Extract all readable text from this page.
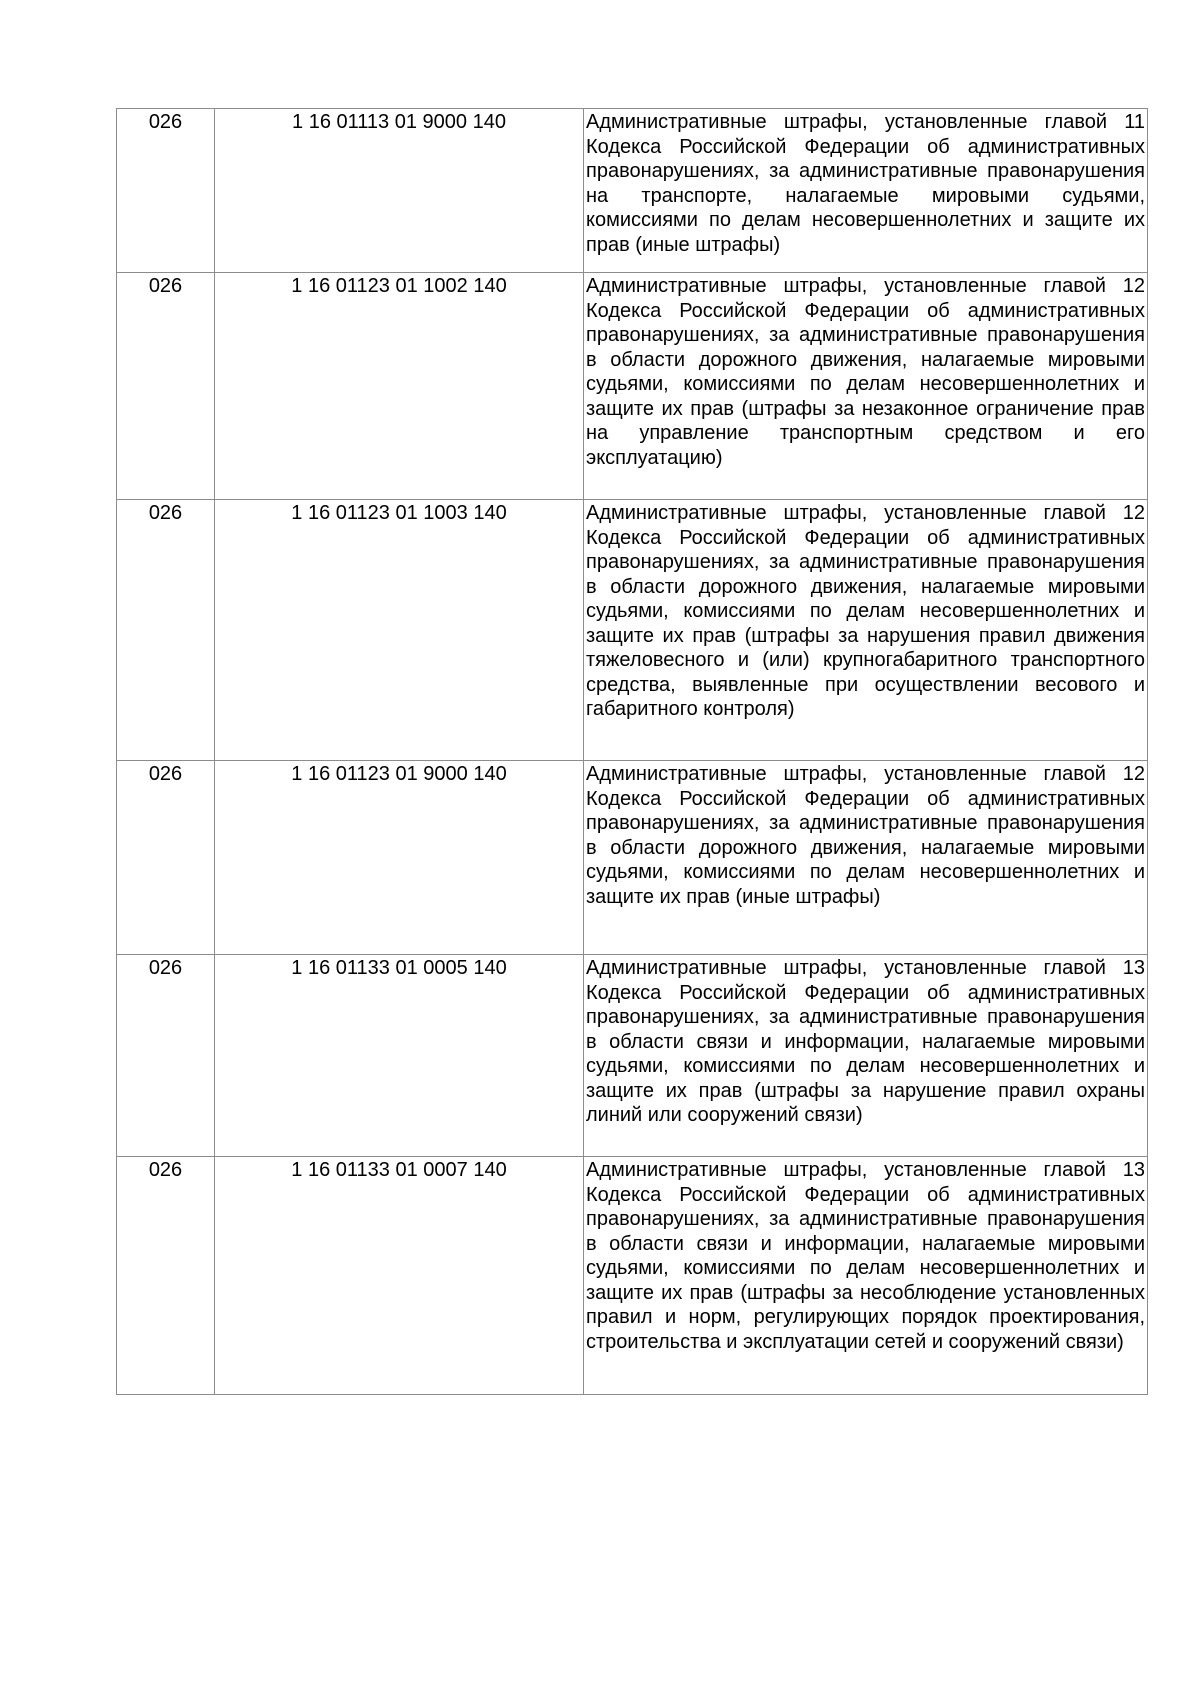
026	1 16 01113 01 9000 140	Административные штрафы, установленные главой 11 Кодекса Российской Федерации об административных правонарушениях, за административные правонарушения на транспорте, налагаемые мировыми судьями, комиссиями по делам несовершеннолетних и защите их прав (иные штрафы)
026	1 16 01123 01 1002 140	Административные штрафы, установленные главой 12 Кодекса Российской Федерации об административных правонарушениях, за административные правонарушения в области дорожного движения, налагаемые мировыми судьями, комиссиями по делам несовершеннолетних и защите их прав (штрафы за незаконное ограничение прав на управление транспортным средством и его эксплуатацию)
026	1 16 01123 01 1003 140	Административные штрафы, установленные главой 12 Кодекса Российской Федерации об административных правонарушениях, за административные правонарушения в области дорожного движения, налагаемые мировыми судьями, комиссиями по делам несовершеннолетних и защите их прав (штрафы за нарушения правил движения тяжеловесного и (или) крупногабаритного транспортного средства, выявленные при осуществлении весового и габаритного контроля)
026	1 16 01123 01 9000 140	Административные штрафы, установленные главой 12 Кодекса Российской Федерации об административных правонарушениях, за административные правонарушения в области дорожного движения, налагаемые мировыми судьями, комиссиями по делам несовершеннолетних и защите их прав (иные штрафы)
026	1 16 01133 01 0005 140	Административные штрафы, установленные главой 13 Кодекса Российской Федерации об административных правонарушениях, за административные правонарушения в области связи и информации, налагаемые мировыми судьями, комиссиями по делам несовершеннолетних и защите их прав (штрафы за нарушение правил охраны линий или сооружений связи)
026	1 16 01133 01 0007 140	Административные штрафы, установленные главой 13 Кодекса Российской Федерации об административных правонарушениях, за административные правонарушения в области связи и информации, налагаемые мировыми судьями, комиссиями по делам несовершеннолетних и защите их прав (штрафы за несоблюдение установленных правил и норм, регулирующих порядок проектирования, строительства и эксплуатации сетей и сооружений связи)
